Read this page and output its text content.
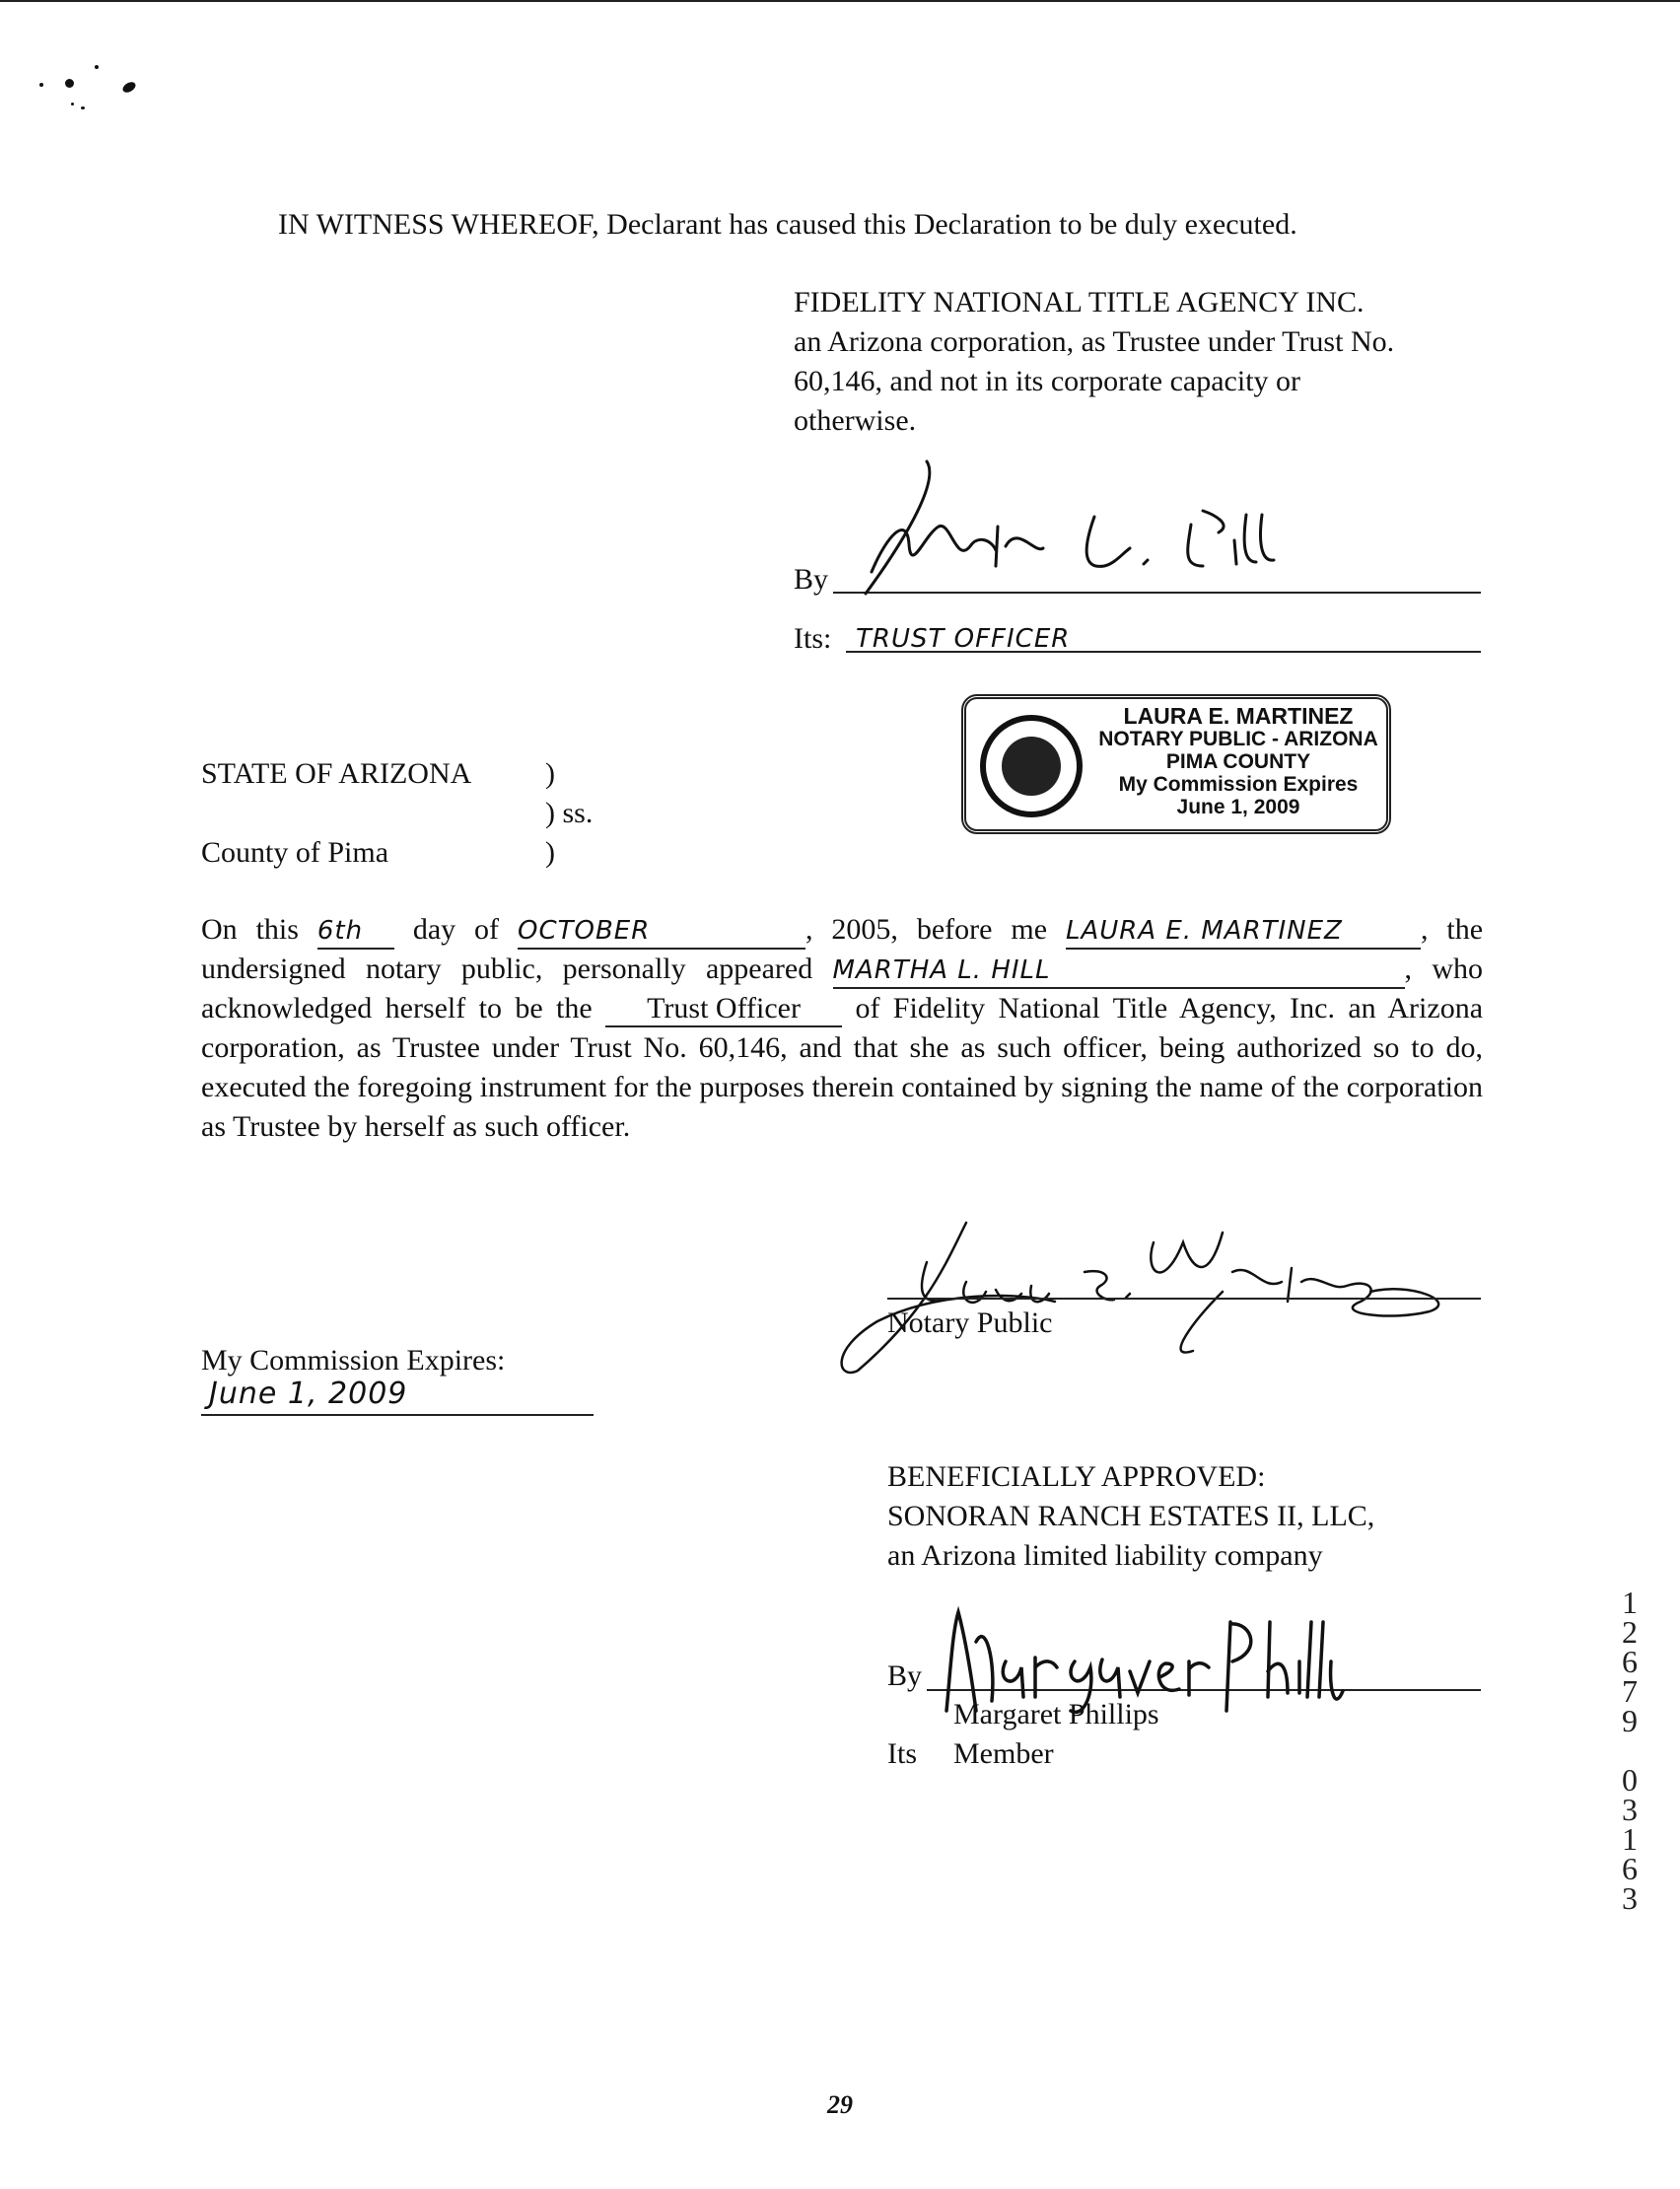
IN WITNESS WHEREOF, Declarant has caused this Declaration to be duly executed.
FIDELITY NATIONAL TITLE AGENCY INC.
an Arizona corporation, as Trustee under Trust No.
60,146, and not in its corporate capacity or
otherwise.
By
Its: TRUST OFFICER
LAURA E. MARTINEZ
NOTARY PUBLIC - ARIZONA
PIMA COUNTY
My Commission Expires
June 1, 2009
STATE OF ARIZONA )
) ss.
County of Pima	)
On this 6th day of OCTOBER	, 2005, before me LAURA E. MARTINEZ	, the undersigned notary public, personally appeared MARTHA L. HILL	, who acknowledged herself to be the Trust Officer of Fidelity National Title Agency, Inc. an Arizona corporation, as Trustee under Trust No. 60,146, and that she as such officer, being authorized so to do, executed the foregoing instrument for the purposes therein contained by signing the name of the corporation as Trustee by herself as such officer.
Notary Public
My Commission Expires:
June 1, 2009
BENEFICIALLY APPROVED:
SONORAN RANCH ESTATES II, LLC,
an Arizona limited liability company
By
Margaret Phillips
Its Member
1
2
6
7
9

0
3
1
6
3
29
